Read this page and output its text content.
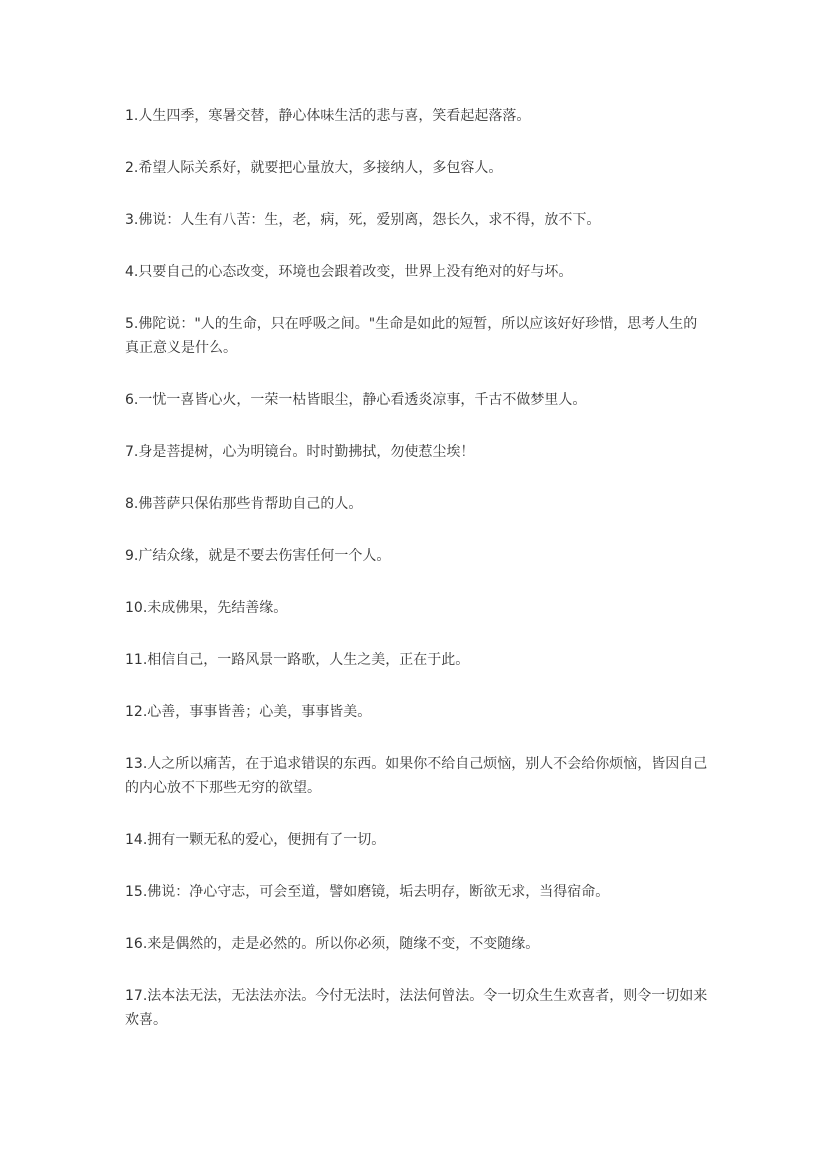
1.人生四季，寒暑交替，静心体味生活的悲与喜，笑看起起落落。

2.希望人际关系好，就要把心量放大，多接纳人，多包容人。

3.佛说：人生有八苦：生，老，病，死，爱别离，怨长久，求不得，放不下。

4.只要自己的心态改变，环境也会跟着改变，世界上没有绝对的好与坏。

5.佛陀说："人的生命，只在呼吸之间。"生命是如此的短暂，所以应该好好珍惜，思考人生的真正意义是什么。

6.一忧一喜皆心火，一荣一枯皆眼尘，静心看透炎凉事，千古不做梦里人。

7.身是菩提树，心为明镜台。时时勤拂拭，勿使惹尘埃！

8.佛菩萨只保佑那些肯帮助自己的人。

9.广结众缘，就是不要去伤害任何一个人。

10.未成佛果，先结善缘。

11.相信自己，一路风景一路歌，人生之美，正在于此。

12.心善，事事皆善；心美，事事皆美。

13.人之所以痛苦，在于追求错误的东西。如果你不给自己烦恼，别人不会给你烦恼，皆因自己的内心放不下那些无穷的欲望。

14.拥有一颗无私的爱心，便拥有了一切。

15.佛说：净心守志，可会至道，譬如磨镜，垢去明存，断欲无求，当得宿命。

16.来是偶然的，走是必然的。所以你必须，随缘不变，不变随缘。

17.法本法无法，无法法亦法。今付无法时，法法何曾法。令一切众生生欢喜者，则令一切如来欢喜。
